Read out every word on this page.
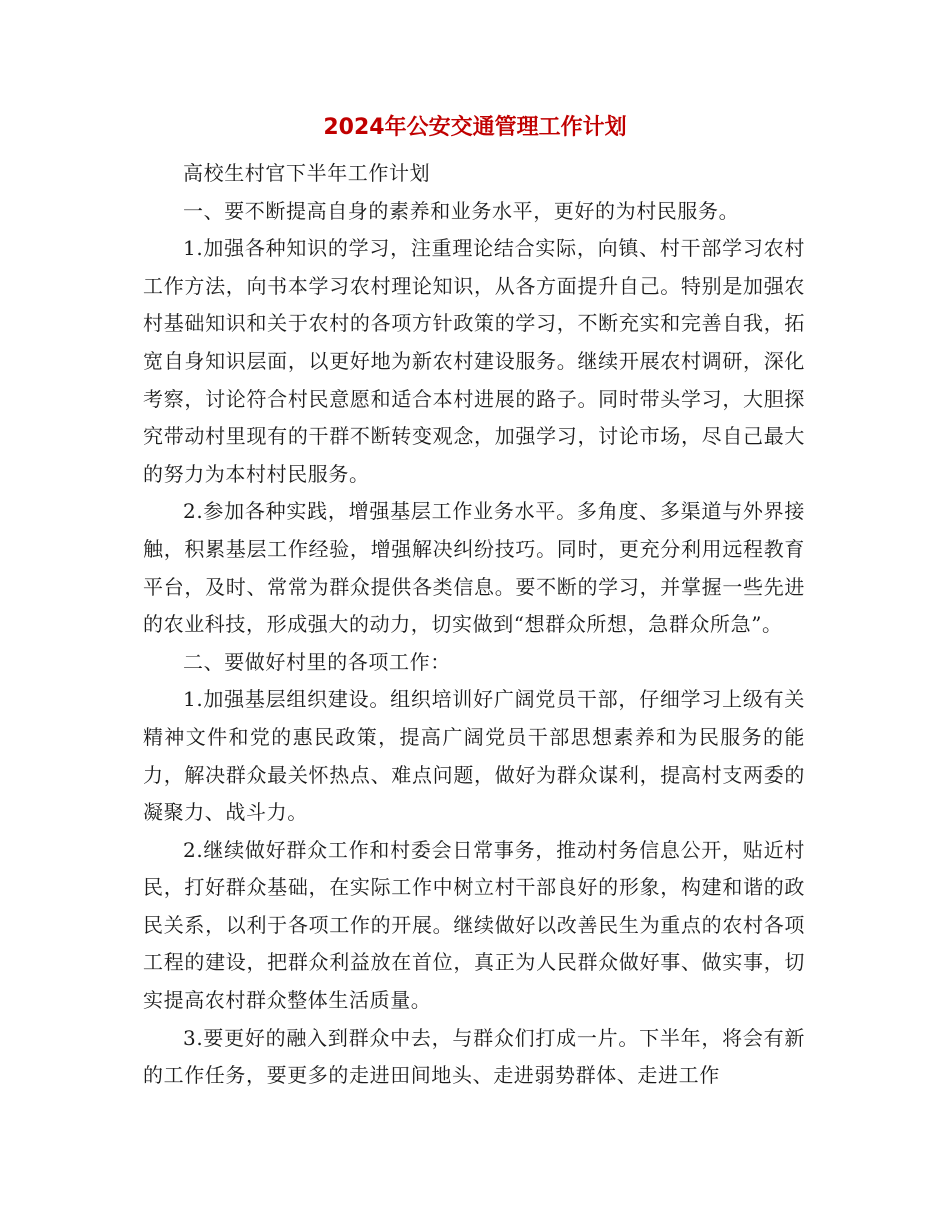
2024年公安交通管理工作计划

高校生村官下半年工作计划

一、要不断提高自身的素养和业务水平，更好的为村民服务。

1.加强各种知识的学习，注重理论结合实际，向镇、村干部学习农村工作方法，向书本学习农村理论知识，从各方面提升自己。特别是加强农村基础知识和关于农村的各项方针政策的学习，不断充实和完善自我，拓宽自身知识层面，以更好地为新农村建设服务。继续开展农村调研，深化考察，讨论符合村民意愿和适合本村进展的路子。同时带头学习，大胆探究带动村里现有的干群不断转变观念，加强学习，讨论市场，尽自己最大的努力为本村村民服务。

2.参加各种实践，增强基层工作业务水平。多角度、多渠道与外界接触，积累基层工作经验，增强解决纠纷技巧。同时，更充分利用远程教育平台，及时、常常为群众提供各类信息。要不断的学习，并掌握一些先进的农业科技，形成强大的动力，切实做到“想群众所想，急群众所急”。

二、要做好村里的各项工作：

1.加强基层组织建设。组织培训好广阔党员干部，仔细学习上级有关精神文件和党的惠民政策，提高广阔党员干部思想素养和为民服务的能力，解决群众最关怀热点、难点问题，做好为群众谋利，提高村支两委的凝聚力、战斗力。

2.继续做好群众工作和村委会日常事务，推动村务信息公开，贴近村民，打好群众基础，在实际工作中树立村干部良好的形象，构建和谐的政民关系，以利于各项工作的开展。继续做好以改善民生为重点的农村各项工程的建设，把群众利益放在首位，真正为人民群众做好事、做实事，切实提高农村群众整体生活质量。

3.要更好的融入到群众中去，与群众们打成一片。下半年，将会有新的工作任务，要更多的走进田间地头、走进弱势群体、走进工作
